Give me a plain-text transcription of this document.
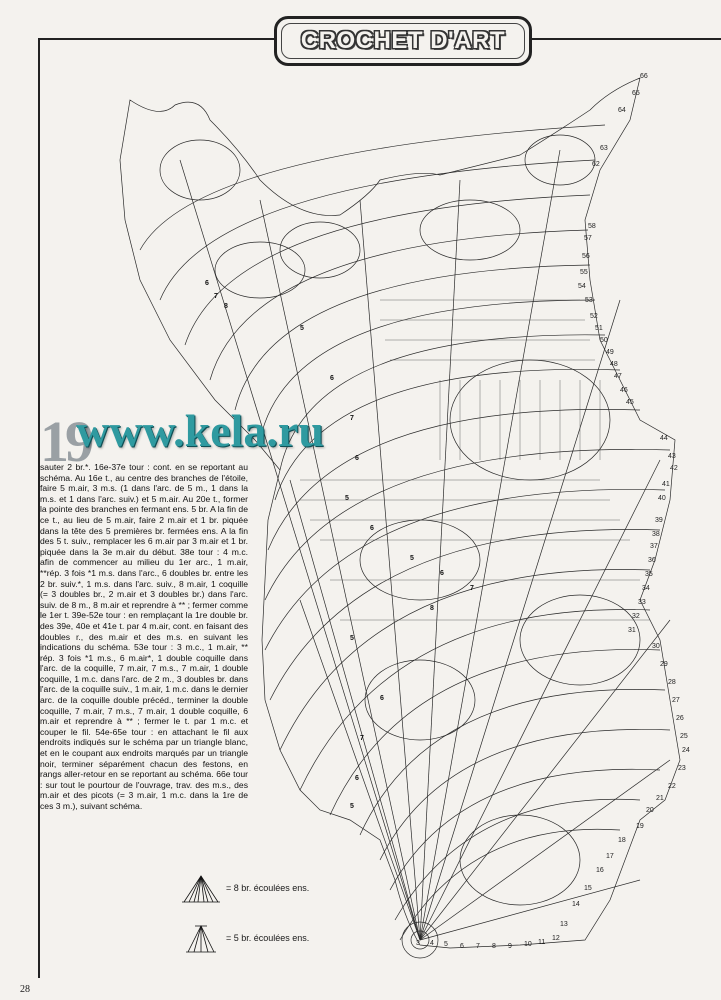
CROCHET D'ART
66
65
64
63
62
58
57
56
55
54
53
52
51
50
49
48
47
46
45
44
43
42
41
40
39
38
37
36
35
34
33
32
31
30
29
28
27
26
25
24
23
22
21
20
19
18
17
16
15
14
13
12
11
10
9
8
7
6
5
4
3
6
7
8
5
6
7
6
5
6
5
6
7
8
5
6
7
6
5
19
www.kela.ru

sauter 2 br.*. 16e-37e tour : cont. en se reportant au schéma. Au 16e t., au centre des branches de l'étoile, faire 5 m.air, 3 m.s. (1 dans l'arc. de 5 m., 1 dans la m.s. et 1 dans l'arc. suiv.) et 5 m.air. Au 20e t., former la pointe des branches en fermant ens. 5 br. A la fin de ce t., au lieu de 5 m.air, faire 2 m.air et 1 br. piquée dans la tête des 5 premières br. fermées ens. A la fin des 5 t. suiv., remplacer les 6 m.air par 3 m.air et 1 br. piquée dans la 3e m.air du début. 38e tour : 4 m.c. afin de commencer au milieu du 1er arc., 1 m.air, **rép. 3 fois *1 m.s. dans l'arc., 6 doubles br. entre les 2 br. suiv.*, 1 m.s. dans l'arc. suiv., 8 m.air, 1 coquille (= 3 doubles br., 2 m.air et 3 doubles br.) dans l'arc. suiv. de 8 m., 8 m.air et reprendre à ** ; fermer comme le 1er t. 39e-52e tour : en remplaçant la 1re double br. des 39e, 40e et 41e t. par 4 m.air, cont. en faisant des doubles r., des m.air et des m.s. en suivant les indications du schéma. 53e tour : 3 m.c., 1 m.air, ** rép. 3 fois *1 m.s., 6 m.air*, 1 double coquille dans l'arc. de la coquille, 7 m.air, 7 m.s., 7 m.air, 1 double coquille, 1 m.c. dans l'arc. de 2 m., 3 doubles br. dans l'arc. de la coquille suiv., 1 m.air, 1 m.c. dans le dernier arc. de la coquille double précéd., terminer la double coquille, 7 m.air, 7 m.s., 7 m.air, 1 double coquille, 6 m.air et reprendre à ** ; fermer le t. par 1 m.c. et couper le fil. 54e-65e tour : en attachant le fil aux endroits indiqués sur le schéma par un triangle blanc, et en le coupant aux endroits marqués par un triangle noir, terminer séparément chacun des festons, en rangs aller-retour en se reportant au schéma. 66e tour : sur tout le pourtour de l'ouvrage, trav. des m.s., des m.air et des picots (= 3 m.air, 1 m.c. dans la 1re de ces 3 m.), suivant schéma.

= 8 br. écoulées ens.
= 5 br. écoulées ens.
28
